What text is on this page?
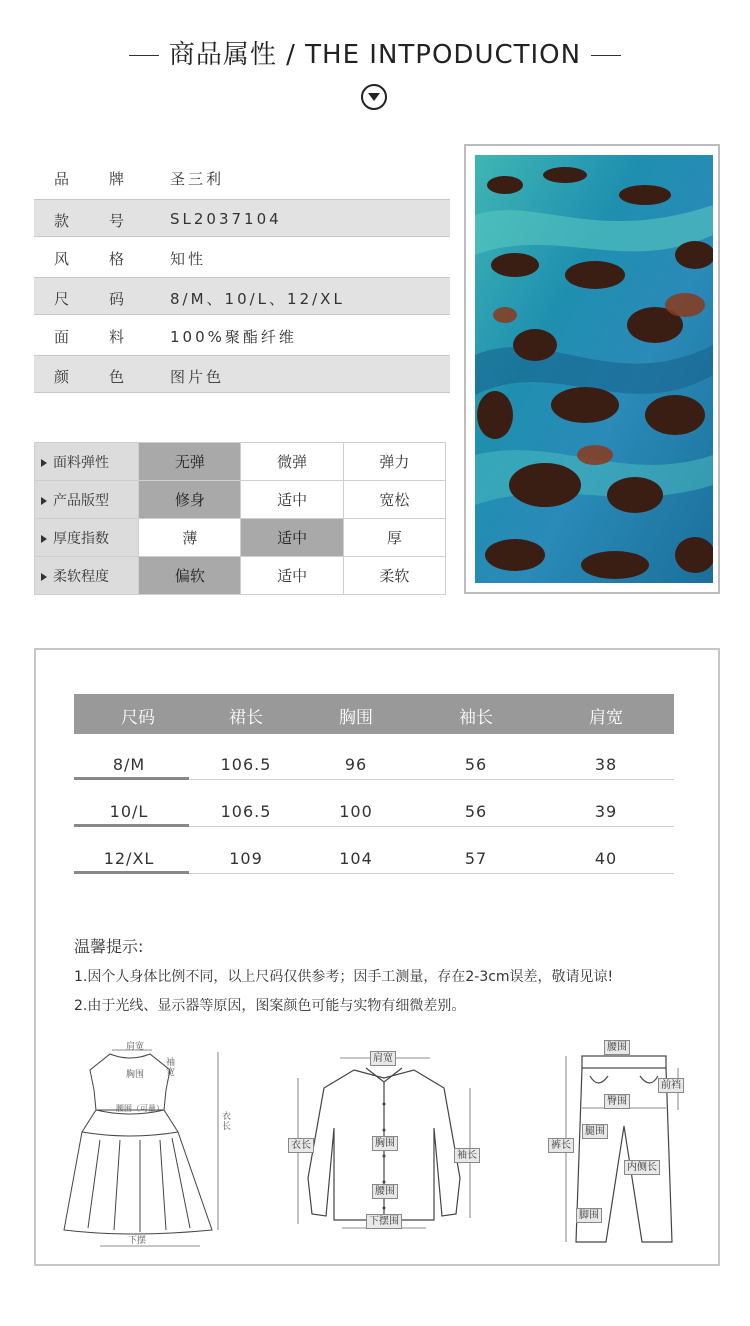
商品属性 / THE INTPODUCTION
品	牌	圣三利
款	号	SL2037104
风	格	知性
尺	码	8/M、10/L、12/XL
面	料	100%聚酯纤维
颜	色	图片色
面料弹性	无弹	微弹	弹力
产品版型	修身	适中	宽松
厚度指数	薄	适中	厚
柔软程度	偏软	适中	柔软
尺码	裙长	胸围	袖长	肩宽
8/M	106.5	96	56	38
10/L	106.5	100	56	39
12/XL	109	104	57	40
温馨提示:
1.因个人身体比例不同，以上尺码仅供参考；因手工测量，存在2-3cm误差，敬请见谅!
2.由于光线、显示器等原因，图案颜色可能与实物有细微差别。
肩宽
袖宽
胸围
腰围（可量）
衣长
下摆
肩宽
衣长	胸围
袖长
腰围
下摆围
腰围
前裆
臀围
裤长
腿围
内侧长
脚围
